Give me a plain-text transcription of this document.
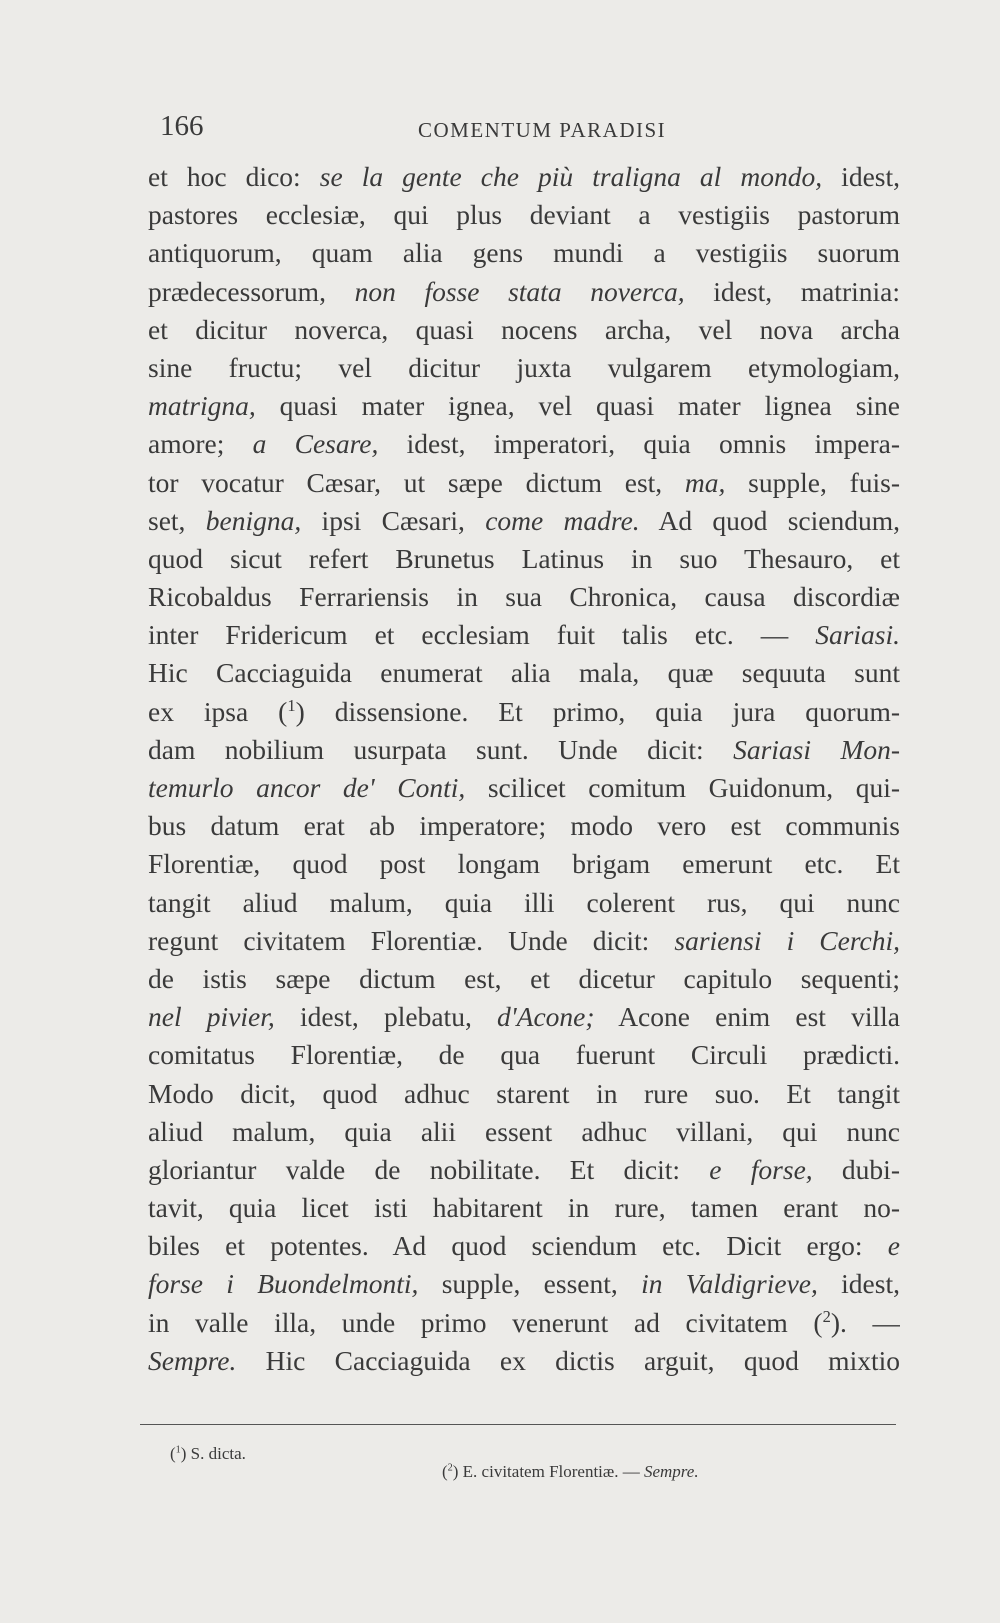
166	COMENTUM PARADISI
et hoc dico: se la gente che più traligna al mondo, idest,
pastores ecclesiæ, qui plus deviant a vestigiis pastorum
antiquorum, quam alia gens mundi a vestigiis suorum
prædecessorum, non fosse stata noverca, idest, matrinia:
et dicitur noverca, quasi nocens archa, vel nova archa
sine fructu; vel dicitur juxta vulgarem etymologiam,
matrigna, quasi mater ignea, vel quasi mater lignea sine
amore; a Cesare, idest, imperatori, quia omnis impera-
tor vocatur Cæsar, ut sæpe dictum est, ma, supple, fuis-
set, benigna, ipsi Cæsari, come madre. Ad quod sciendum,
quod sicut refert Brunetus Latinus in suo Thesauro, et
Ricobaldus Ferrariensis in sua Chronica, causa discordiæ
inter Fridericum et ecclesiam fuit talis etc. — Sariasi.
Hic Cacciaguida enumerat alia mala, quæ sequuta sunt
ex ipsa ($^1$) dissensione. Et primo, quia jura quorum-
dam nobilium usurpata sunt. Unde dicit: Sariasi Mon-
temurlo ancor de' Conti, scilicet comitum Guidonum, qui-
bus datum erat ab imperatore; modo vero est communis
Florentiæ, quod post longam brigam emerunt etc. Et
tangit aliud malum, quia illi colerent rus, qui nunc
regunt civitatem Florentiæ. Unde dicit: sariensi i Cerchi,
de istis sæpe dictum est, et dicetur capitulo sequenti;
nel pivier, idest, plebatu, d'Acone; Acone enim est villa
comitatus Florentiæ, de qua fuerunt Circuli prædicti.
Modo dicit, quod adhuc starent in rure suo. Et tangit
aliud malum, quia alii essent adhuc villani, qui nunc
gloriantur valde de nobilitate. Et dicit: e forse, dubi-
tavit, quia licet isti habitarent in rure, tamen erant no-
biles et potentes. Ad quod sciendum etc. Dicit ergo: e
forse i Buondelmonti, supple, essent, in Valdigrieve, idest,
in valle illa, unde primo venerunt ad civitatem ($^2$). —
Sempre. Hic Cacciaguida ex dictis arguit, quod mixtio
($^1$) S. dicta.
($^2$) E. civitatem Florentiæ. — Sempre.
